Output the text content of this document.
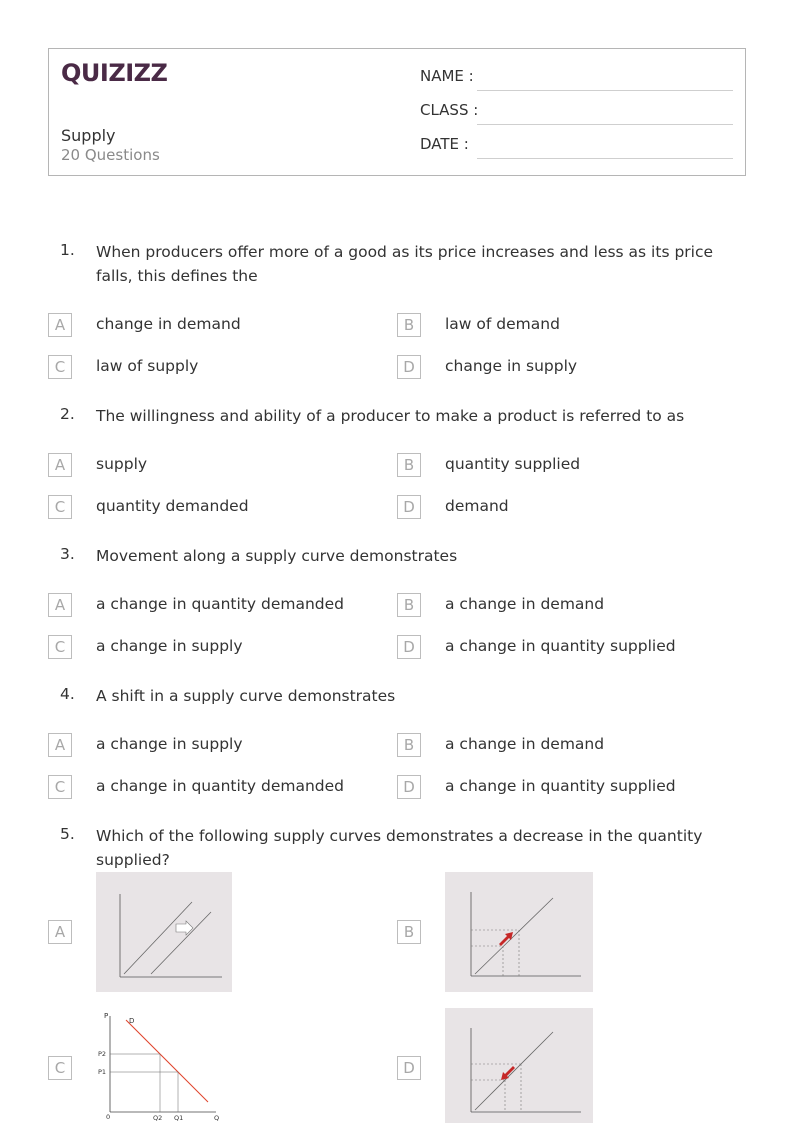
QUIZIZZ
Supply
20 Questions
NAME :
CLASS :
DATE :
1. When producers offer more of a good as its price increases and less as its price falls, this defines the
A	change in demand	B	law of demand
C	law of supply	D	change in supply
2. The willingness and ability of a producer to make a product is referred to as
A	supply	B	quantity supplied
C	quantity demanded	D	demand
3. Movement along a supply curve demonstrates
A	a change in quantity demanded	B	a change in demand
C	a change in supply	D	a change in quantity supplied
4. A shift in a supply curve demonstrates
A	a change in supply	B	a change in demand
C	a change in quantity demanded	D	a change in quantity supplied
5. Which of the following supply curves demonstrates a decrease in the quantity supplied?
A	B
C
P
D
P2
P1
0	Q2 Q1	Q
D
